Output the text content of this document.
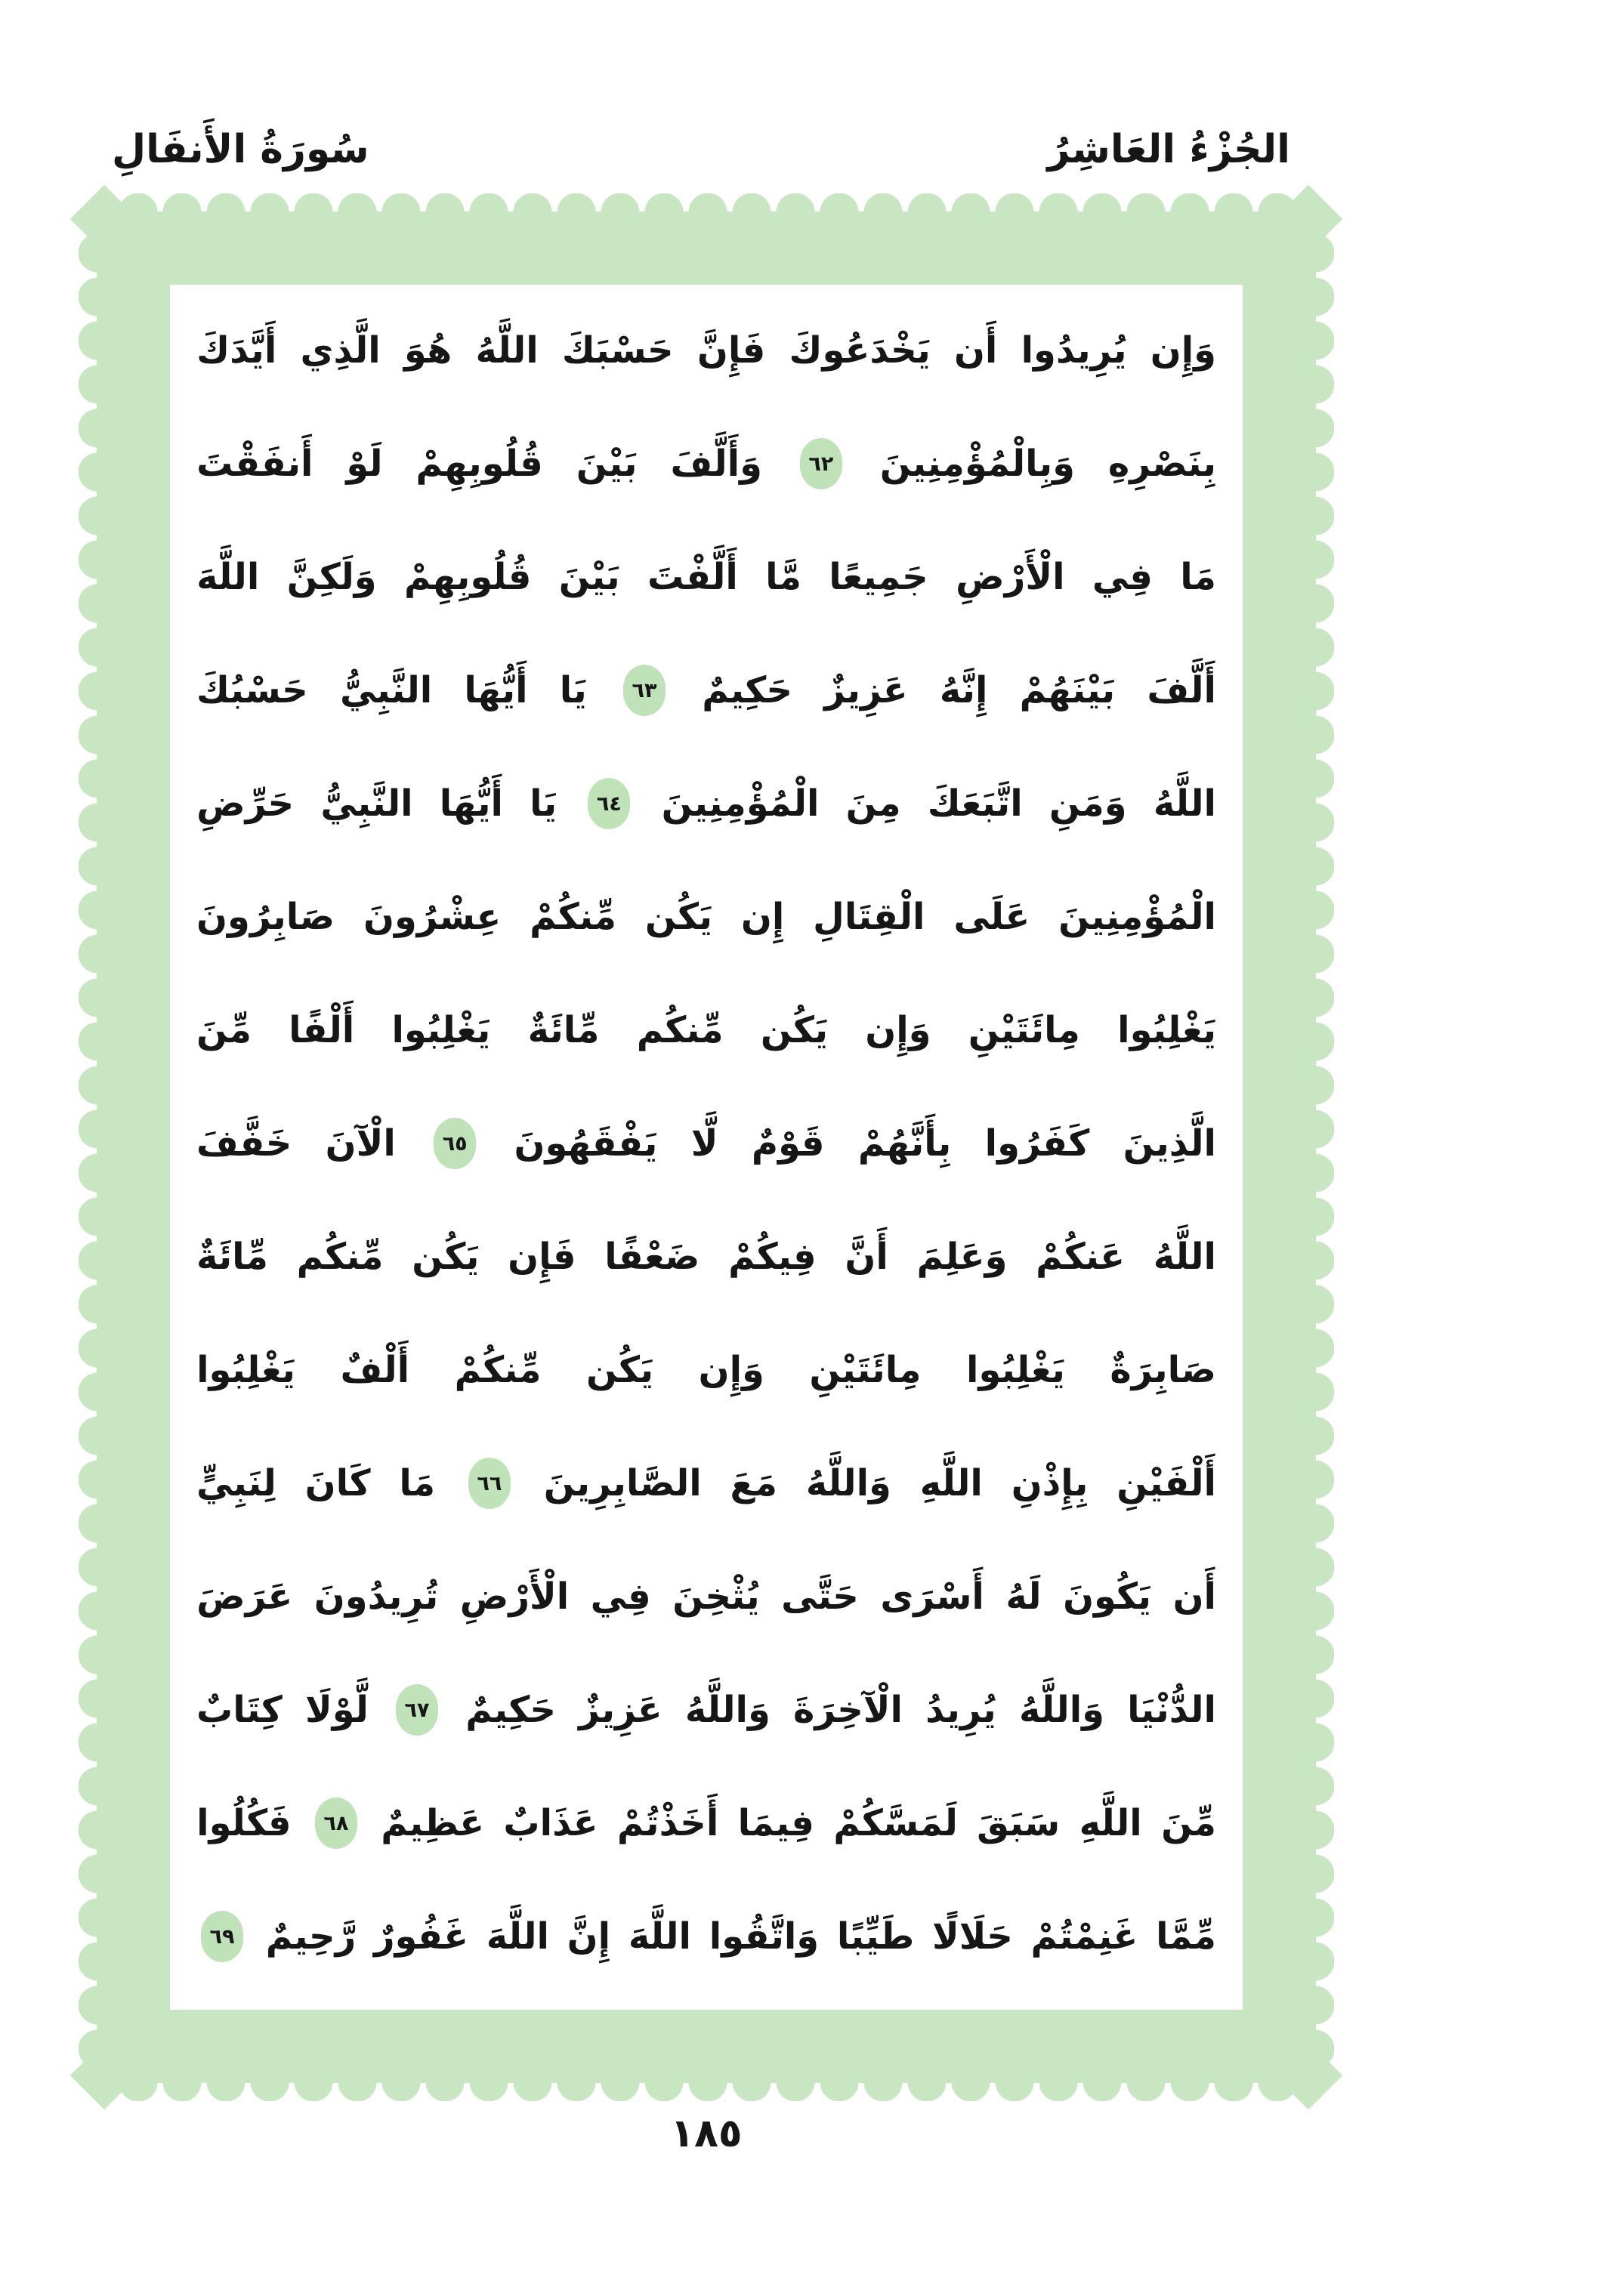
سُورَةُ الأَنفَالِ	الجُزْءُ العَاشِرُ
وَإِن
يُرِيدُوا
أَن
يَخْدَعُوكَ
فَإِنَّ
حَسْبَكَ
اللَّهُ
هُوَ
الَّذِي
أَيَّدَكَ
بِنَصْرِهِ
وَبِالْمُؤْمِنِينَ
٦٢
وَأَلَّفَ
بَيْنَ
قُلُوبِهِمْ
لَوْ
أَنفَقْتَ
مَا
فِي
الْأَرْضِ
جَمِيعًا
مَّا
أَلَّفْتَ
بَيْنَ
قُلُوبِهِمْ
وَلَكِنَّ
اللَّهَ
أَلَّفَ
بَيْنَهُمْ
إِنَّهُ
عَزِيزٌ
حَكِيمٌ
٦٣
يَا
أَيُّهَا
النَّبِيُّ
حَسْبُكَ
اللَّهُ
وَمَنِ
اتَّبَعَكَ
مِنَ
الْمُؤْمِنِينَ
٦٤
يَا
أَيُّهَا
النَّبِيُّ
حَرِّضِ
الْمُؤْمِنِينَ
عَلَى
الْقِتَالِ
إِن
يَكُن
مِّنكُمْ
عِشْرُونَ
صَابِرُونَ
يَغْلِبُوا
مِائَتَيْنِ
وَإِن
يَكُن
مِّنكُم
مِّائَةٌ
يَغْلِبُوا
أَلْفًا
مِّنَ
الَّذِينَ
كَفَرُوا
بِأَنَّهُمْ
قَوْمٌ
لَّا
يَفْقَهُونَ
٦٥
الْآنَ
خَفَّفَ
اللَّهُ
عَنكُمْ
وَعَلِمَ
أَنَّ
فِيكُمْ
ضَعْفًا
فَإِن
يَكُن
مِّنكُم
مِّائَةٌ
صَابِرَةٌ
يَغْلِبُوا
مِائَتَيْنِ
وَإِن
يَكُن
مِّنكُمْ
أَلْفٌ
يَغْلِبُوا
أَلْفَيْنِ
بِإِذْنِ
اللَّهِ
وَاللَّهُ
مَعَ
الصَّابِرِينَ
٦٦
مَا
كَانَ
لِنَبِيٍّ
أَن
يَكُونَ
لَهُ
أَسْرَى
حَتَّى
يُثْخِنَ
فِي
الْأَرْضِ
تُرِيدُونَ
عَرَضَ
الدُّنْيَا
وَاللَّهُ
يُرِيدُ
الْآخِرَةَ
وَاللَّهُ
عَزِيزٌ
حَكِيمٌ
٦٧
لَّوْلَا
كِتَابٌ
مِّنَ
اللَّهِ
سَبَقَ
لَمَسَّكُمْ
فِيمَا
أَخَذْتُمْ
عَذَابٌ
عَظِيمٌ
٦٨
فَكُلُوا
مِّمَّا
غَنِمْتُمْ
حَلَالًا
طَيِّبًا
وَاتَّقُوا
اللَّهَ
إِنَّ
اللَّهَ
غَفُورٌ
رَّحِيمٌ
٦٩
١٨٥
